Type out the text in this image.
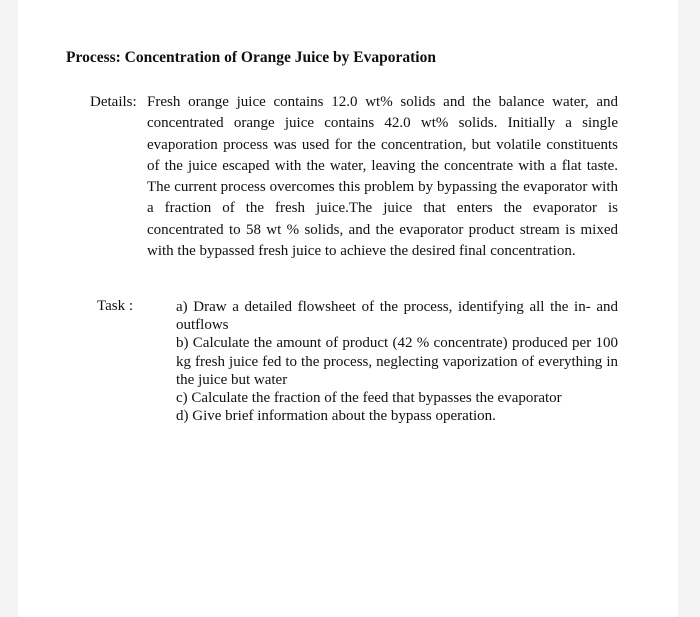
Process: Concentration of Orange Juice by Evaporation
Details: Fresh orange juice contains 12.0 wt% solids and the balance water, and concentrated orange juice contains 42.0 wt% solids. Initially a single evaporation process was used for the concentration, but volatile constituents of the juice escaped with the water, leaving the concentrate with a flat taste. The current process overcomes this problem by bypassing the evaporator with a fraction of the fresh juice.The juice that enters the evaporator is concentrated to 58 wt % solids, and the evaporator product stream is mixed with the bypassed fresh juice to achieve the desired final concentration.

Task :	a) Draw a detailed flowsheet of the process, identifying all the in- and outflows
b) Calculate the amount of product (42 % concentrate) produced per 100 kg fresh juice fed to the process, neglecting vaporization of everything in the juice but water
c) Calculate the fraction of the feed that bypasses the evaporator
d) Give brief information about the bypass operation.
